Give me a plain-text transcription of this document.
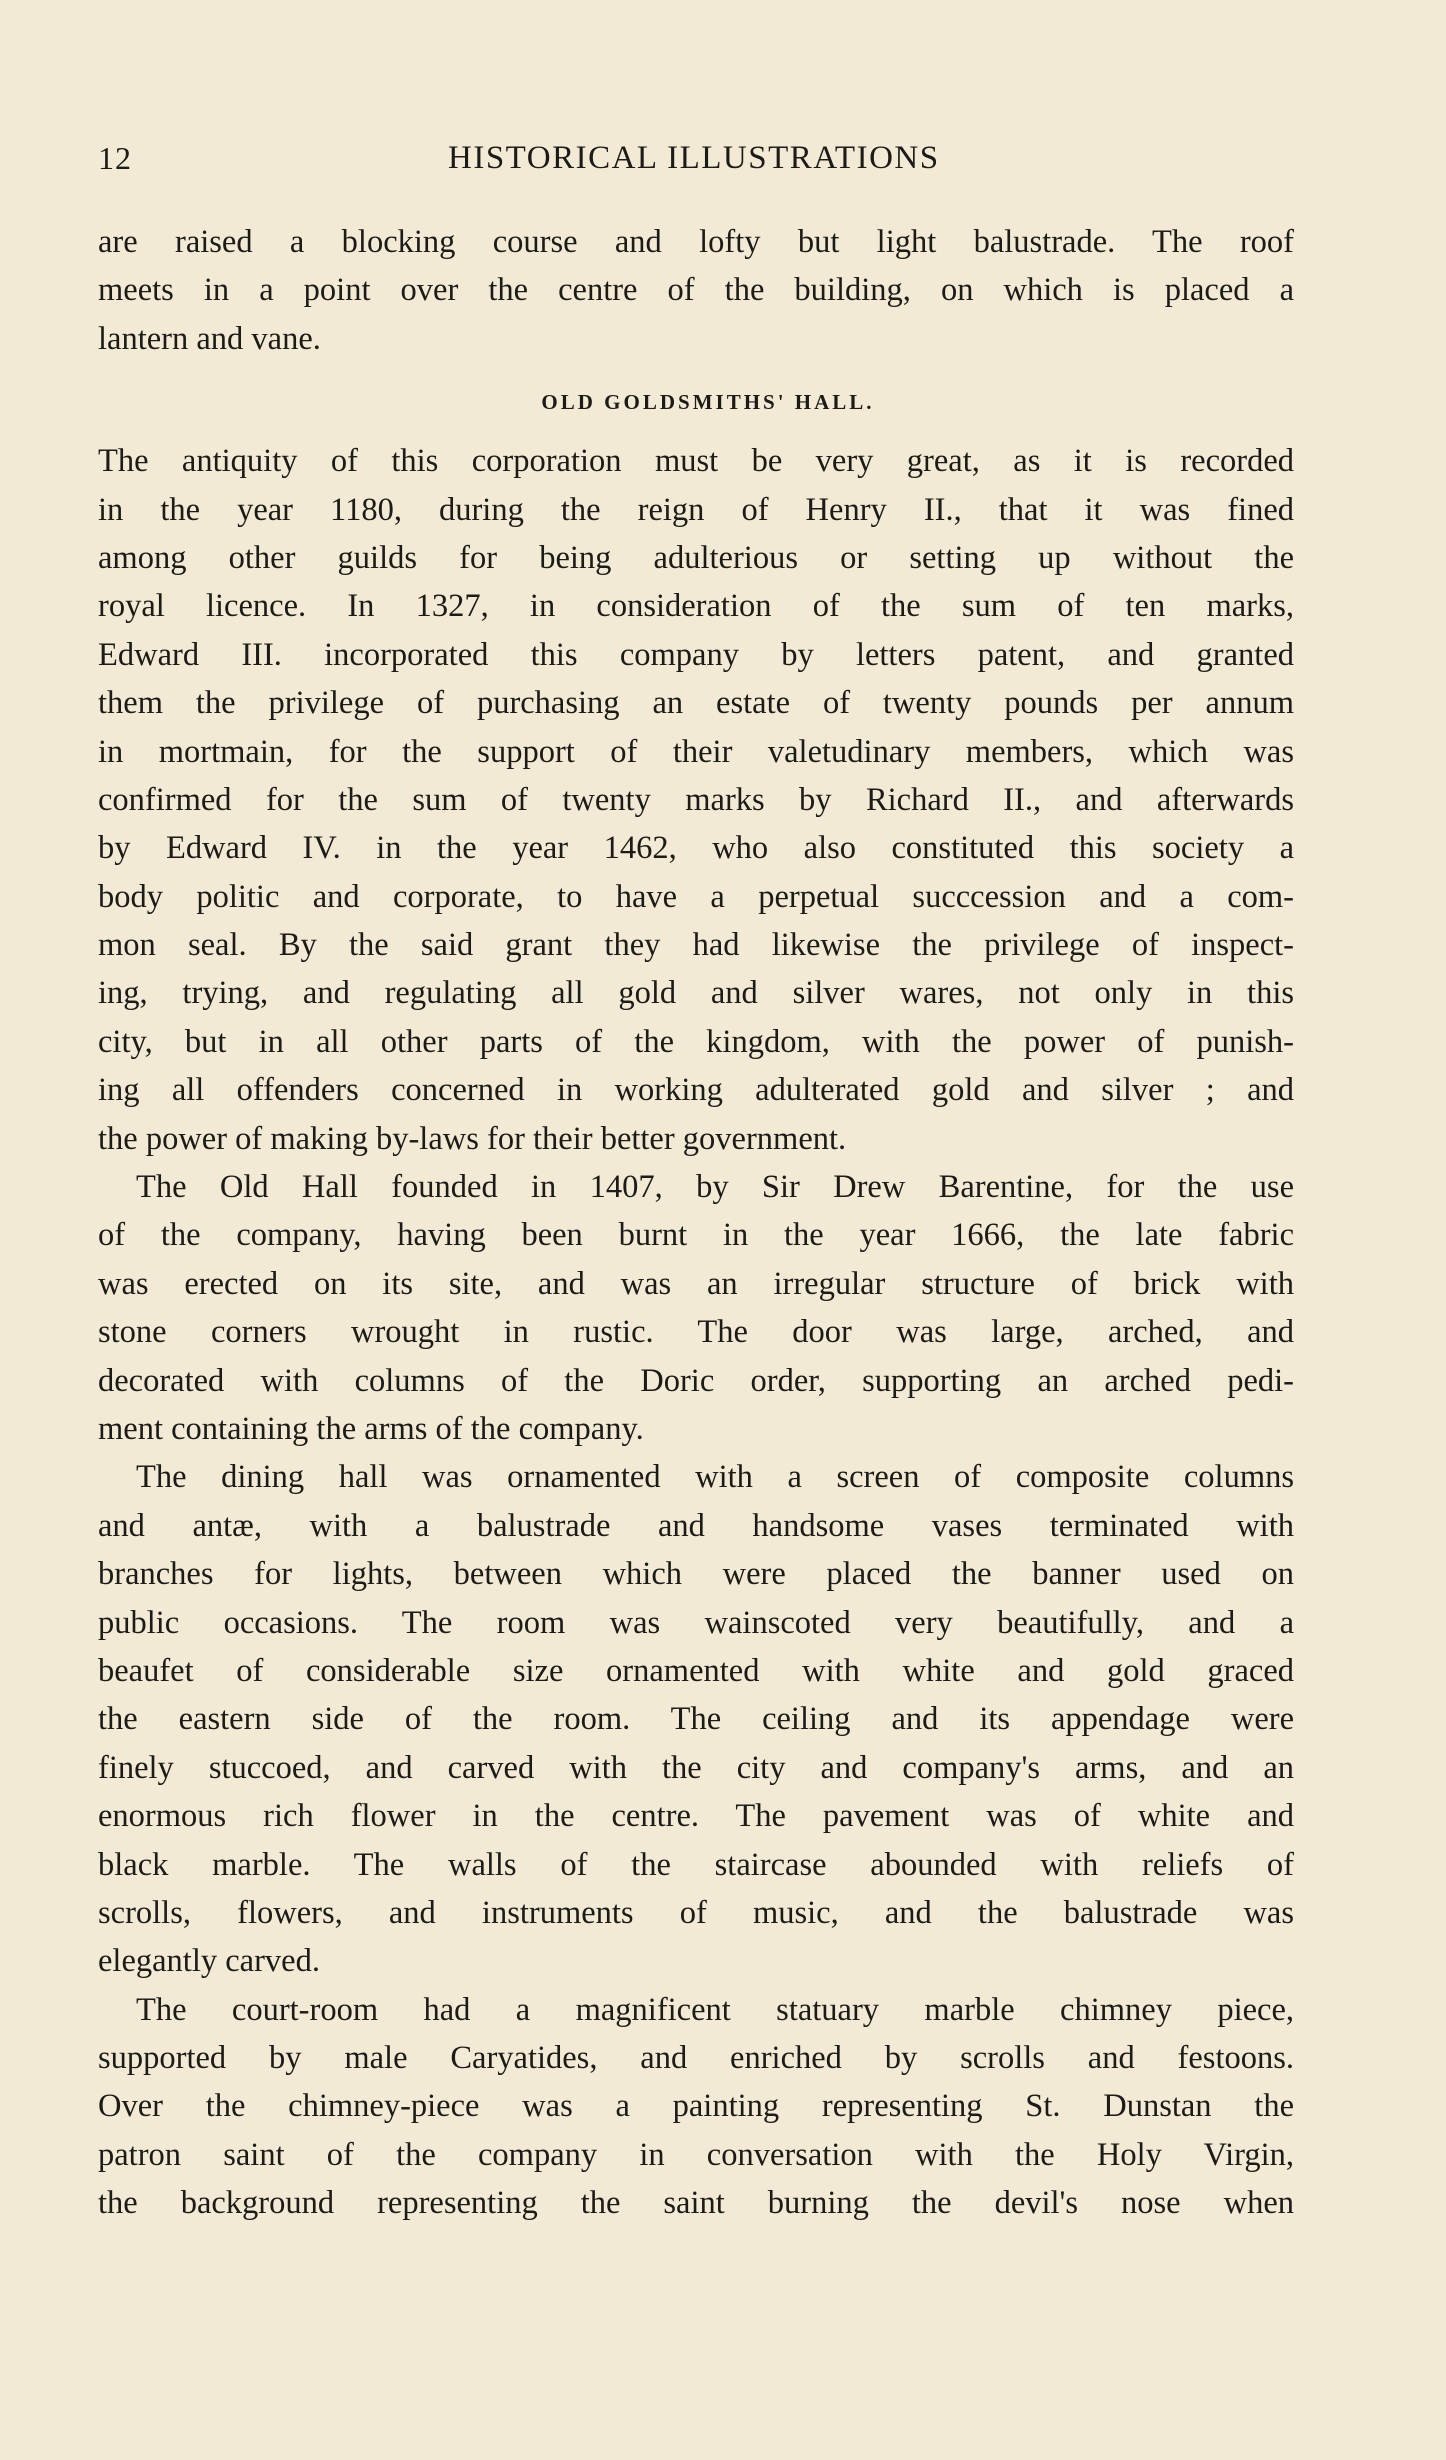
12	HISTORICAL ILLUSTRATIONS
are raised a blocking course and lofty but light balustrade. The roof
meets in a point over the centre of the building, on which is placed a
lantern and vane.
OLD GOLDSMITHS' HALL.
The antiquity of this corporation must be very great, as it is recorded
in the year 1180, during the reign of Henry II., that it was fined
among other guilds for being adulterious or setting up without the
royal licence. In 1327, in consideration of the sum of ten marks,
Edward III. incorporated this company by letters patent, and granted
them the privilege of purchasing an estate of twenty pounds per annum
in mortmain, for the support of their valetudinary members, which was
confirmed for the sum of twenty marks by Richard II., and afterwards
by Edward IV. in the year 1462, who also constituted this society a
body politic and corporate, to have a perpetual succcession and a com-
mon seal. By the said grant they had likewise the privilege of inspect-
ing, trying, and regulating all gold and silver wares, not only in this
city, but in all other parts of the kingdom, with the power of punish-
ing all offenders concerned in working adulterated gold and silver ; and
the power of making by-laws for their better government.
The Old Hall founded in 1407, by Sir Drew Barentine, for the use
of the company, having been burnt in the year 1666, the late fabric
was erected on its site, and was an irregular structure of brick with
stone corners wrought in rustic. The door was large, arched, and
decorated with columns of the Doric order, supporting an arched pedi-
ment containing the arms of the company.
The dining hall was ornamented with a screen of composite columns
and antæ, with a balustrade and handsome vases terminated with
branches for lights, between which were placed the banner used on
public occasions. The room was wainscoted very beautifully, and a
beaufet of considerable size ornamented with white and gold graced
the eastern side of the room. The ceiling and its appendage were
finely stuccoed, and carved with the city and company's arms, and an
enormous rich flower in the centre. The pavement was of white and
black marble. The walls of the staircase abounded with reliefs of
scrolls, flowers, and instruments of music, and the balustrade was
elegantly carved.
The court-room had a magnificent statuary marble chimney piece,
supported by male Caryatides, and enriched by scrolls and festoons.
Over the chimney-piece was a painting representing St. Dunstan the
patron saint of the company in conversation with the Holy Virgin,
the background representing the saint burning the devil's nose when
